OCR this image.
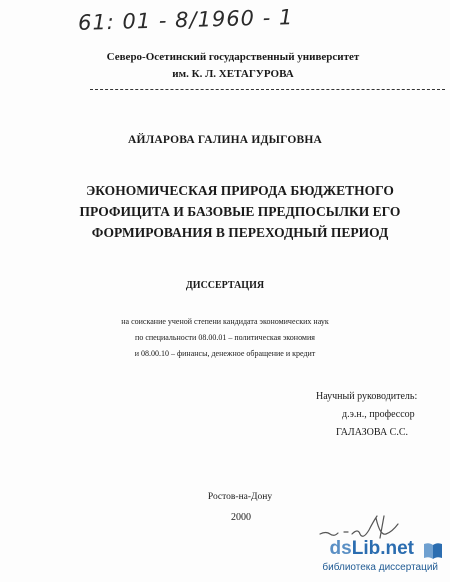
61: 01 - 8/1960 - 1
Северо-Осетинский государственный университет
им. К. Л. ХЕТАГУРОВА
АЙЛАРОВА ГАЛИНА ИДЫГОВНА
ЭКОНОМИЧЕСКАЯ ПРИРОДА БЮДЖЕТНОГО
ПРОФИЦИТА И БАЗОВЫЕ ПРЕДПОСЫЛКИ ЕГО
ФОРМИРОВАНИЯ В ПЕРЕХОДНЫЙ ПЕРИОД
ДИССЕРТАЦИЯ
на соискание ученой степени кандидата экономических наук
по специальности 08.00.01 – политическая экономия
и 08.00.10 – финансы, денежное обращение и кредит
Научный руководитель:
д.э.н., профессор
ГАЛАЗОВА С.С.
Ростов-на-Дону
2000
dsLib.net
библиотека диссертаций
